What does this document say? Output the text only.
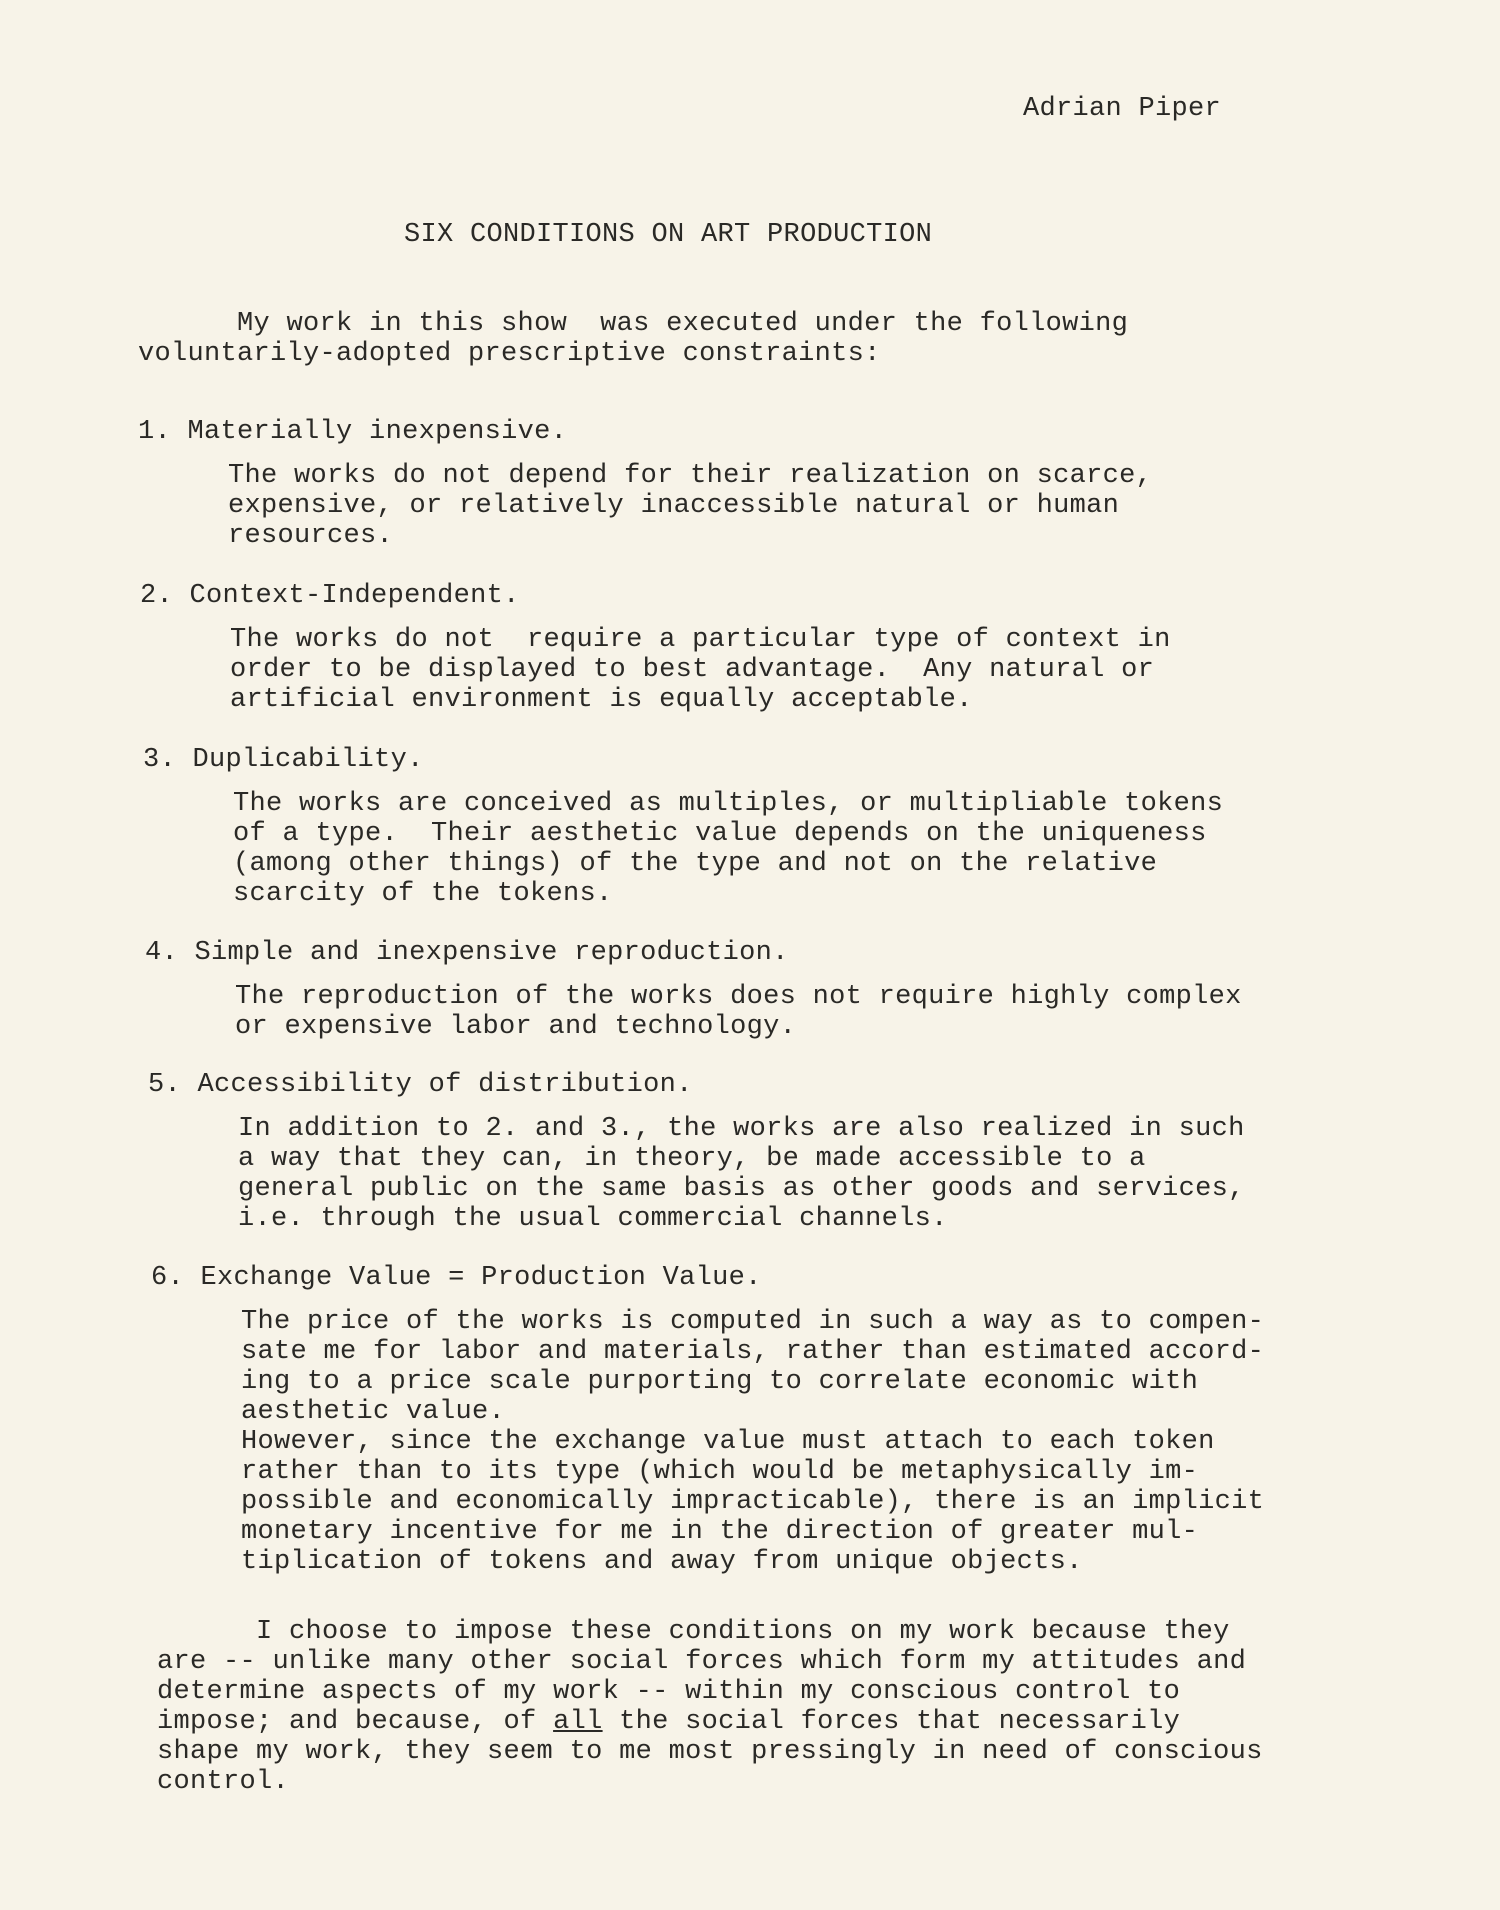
Adrian Piper
SIX CONDITIONS ON ART PRODUCTION
My work in this show  was executed under the following
voluntarily-adopted prescriptive constraints:
1. Materially inexpensive.
The works do not depend for their realization on scarce,
expensive, or relatively inaccessible natural or human
resources.
2. Context-Independent.
The works do not  require a particular type of context in
order to be displayed to best advantage.  Any natural or
artificial environment is equally acceptable.
3. Duplicability.
The works are conceived as multiples, or multipliable tokens
of a type.  Their aesthetic value depends on the uniqueness
(among other things) of the type and not on the relative
scarcity of the tokens.
4. Simple and inexpensive reproduction.
The reproduction of the works does not require highly complex
or expensive labor and technology.
5. Accessibility of distribution.
In addition to 2. and 3., the works are also realized in such
a way that they can, in theory, be made accessible to a
general public on the same basis as other goods and services,
i.e. through the usual commercial channels.
6. Exchange Value = Production Value.
The price of the works is computed in such a way as to compen-
sate me for labor and materials, rather than estimated accord-
ing to a price scale purporting to correlate economic with
aesthetic value.
However, since the exchange value must attach to each token
rather than to its type (which would be metaphysically im-
possible and economically impracticable), there is an implicit
monetary incentive for me in the direction of greater mul-
tiplication of tokens and away from unique objects.
I choose to impose these conditions on my work because they
are -- unlike many other social forces which form my attitudes and
determine aspects of my work -- within my conscious control to
impose; and because, of all the social forces that necessarily
shape my work, they seem to me most pressingly in need of conscious
control.
